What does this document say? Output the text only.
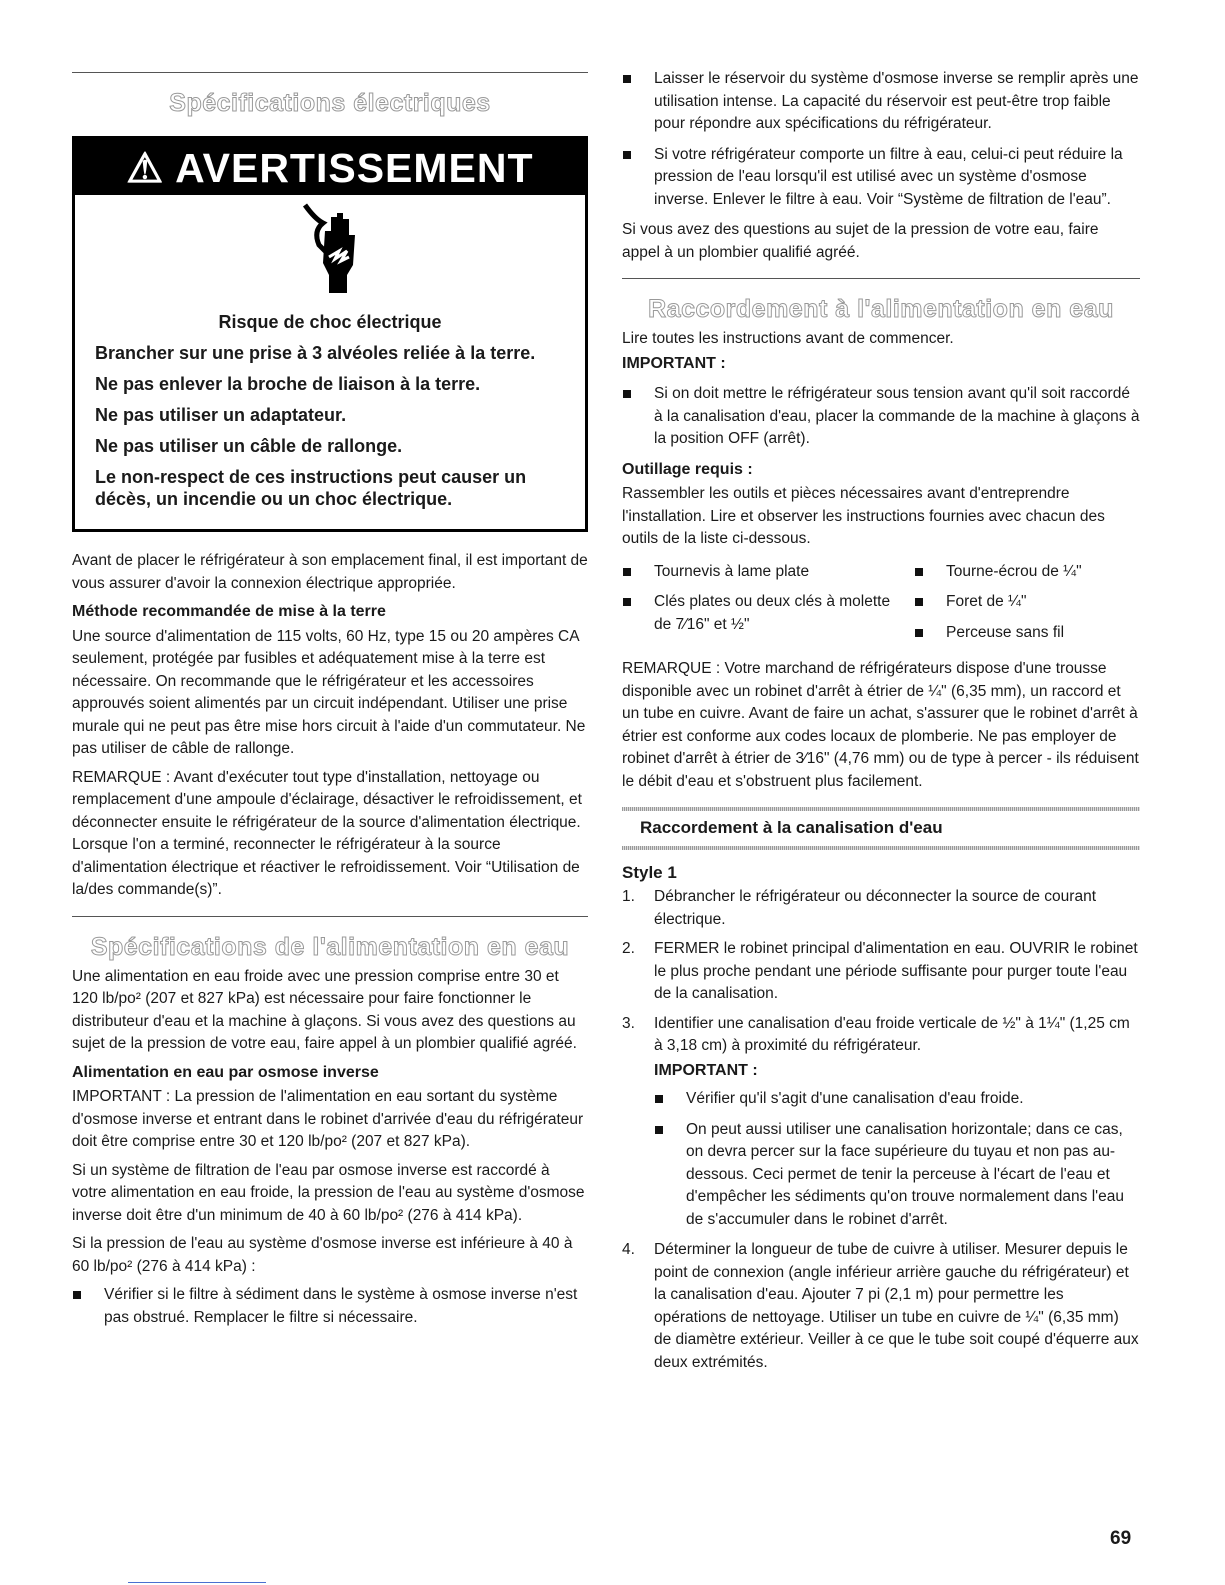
Spécifications électriques
⚠ AVERTISSEMENT
Risque de choc électrique
Brancher sur une prise à 3 alvéoles reliée à la terre.
Ne pas enlever la broche de liaison à la terre.
Ne pas utiliser un adaptateur.
Ne pas utiliser un câble de rallonge.
Le non-respect de ces instructions peut causer un décès, un incendie ou un choc électrique.

Avant de placer le réfrigérateur à son emplacement final, il est important de vous assurer d'avoir la connexion électrique appropriée.

Méthode recommandée de mise à la terre

Une source d'alimentation de 115 volts, 60 Hz, type 15 ou 20 ampères CA seulement, protégée par fusibles et adéquatement mise à la terre est nécessaire. On recommande que le réfrigérateur et les accessoires approuvés soient alimentés par un circuit indépendant. Utiliser une prise murale qui ne peut pas être mise hors circuit à l'aide d'un commutateur. Ne pas utiliser de câble de rallonge.

REMARQUE : Avant d'exécuter tout type d'installation, nettoyage ou remplacement d'une ampoule d'éclairage, désactiver le refroidissement, et déconnecter ensuite le réfrigérateur de la source d'alimentation électrique. Lorsque l'on a terminé, reconnecter le réfrigérateur à la source d'alimentation électrique et réactiver le refroidissement. Voir “Utilisation de la/des commande(s)”.

Spécifications de l'alimentation en eau

Une alimentation en eau froide avec une pression comprise entre 30 et 120 lb/po² (207 et 827 kPa) est nécessaire pour faire fonctionner le distributeur d'eau et la machine à glaçons. Si vous avez des questions au sujet de la pression de votre eau, faire appel à un plombier qualifié agréé.

Alimentation en eau par osmose inverse

IMPORTANT : La pression de l'alimentation en eau sortant du système d'osmose inverse et entrant dans le robinet d'arrivée d'eau du réfrigérateur doit être comprise entre 30 et 120 lb/po² (207 et 827 kPa).

Si un système de filtration de l'eau par osmose inverse est raccordé à votre alimentation en eau froide, la pression de l'eau au système d'osmose inverse doit être d'un minimum de 40 à 60 lb/po² (276 à 414 kPa).

Si la pression de l'eau au système d'osmose inverse est inférieure à 40 à 60 lb/po² (276 à 414 kPa) :

Vérifier si le filtre à sédiment dans le système à osmose inverse n'est pas obstrué. Remplacer le filtre si nécessaire.
Laisser le réservoir du système d'osmose inverse se remplir après une utilisation intense. La capacité du réservoir est peut-être trop faible pour répondre aux spécifications du réfrigérateur.
Si votre réfrigérateur comporte un filtre à eau, celui-ci peut réduire la pression de l'eau lorsqu'il est utilisé avec un système d'osmose inverse. Enlever le filtre à eau. Voir “Système de filtration de l'eau”.

Si vous avez des questions au sujet de la pression de votre eau, faire appel à un plombier qualifié agréé.

Raccordement à l'alimentation en eau

Lire toutes les instructions avant de commencer.

IMPORTANT :
Si on doit mettre le réfrigérateur sous tension avant qu'il soit raccordé à la canalisation d'eau, placer la commande de la machine à glaçons à la position OFF (arrêt).
Outillage requis :

Rassembler les outils et pièces nécessaires avant d'entreprendre l'installation. Lire et observer les instructions fournies avec chacun des outils de la liste ci-dessous.

Tournevis à lame plate
Clés plates ou deux clés à molette de 7⁄16" et ½"
Tourne-écrou de ¼"
Foret de ¼"
Perceuse sans fil

REMARQUE : Votre marchand de réfrigérateurs dispose d'une trousse disponible avec un robinet d'arrêt à étrier de ¼" (6,35 mm), un raccord et un tube en cuivre. Avant de faire un achat, s'assurer que le robinet d'arrêt à étrier est conforme aux codes locaux de plomberie. Ne pas employer de robinet d'arrêt à étrier de 3⁄16" (4,76 mm) ou de type à percer - ils réduisent le débit d'eau et s'obstruent plus facilement.

Raccordement à la canalisation d'eau
Style 1
1. Débrancher le réfrigérateur ou déconnecter la source de courant électrique.
2. FERMER le robinet principal d'alimentation en eau. OUVRIR le robinet le plus proche pendant une période suffisante pour purger toute l'eau de la canalisation.
3. Identifier une canalisation d'eau froide verticale de ½" à 1¼" (1,25 cm à 3,18 cm) à proximité du réfrigérateur.
IMPORTANT :
Vérifier qu'il s'agit d'une canalisation d'eau froide.
On peut aussi utiliser une canalisation horizontale; dans ce cas, on devra percer sur la face supérieure du tuyau et non pas au-dessous. Ceci permet de tenir la perceuse à l'écart de l'eau et d'empêcher les sédiments qu'on trouve normalement dans l'eau de s'accumuler dans le robinet d'arrêt.
4. Déterminer la longueur de tube de cuivre à utiliser. Mesurer depuis le point de connexion (angle inférieur arrière gauche du réfrigérateur) et la canalisation d'eau. Ajouter 7 pi (2,1 m) pour permettre les opérations de nettoyage. Utiliser un tube en cuivre de ¼" (6,35 mm) de diamètre extérieur. Veiller à ce que le tube soit coupé d'équerre aux deux extrémités.
69
